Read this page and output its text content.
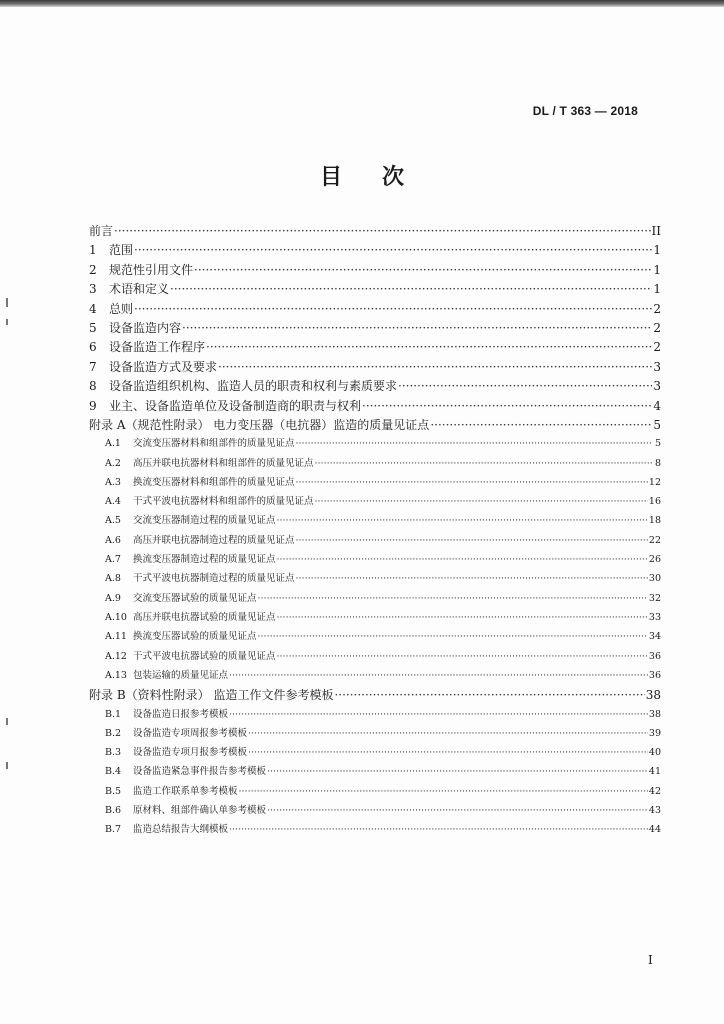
DL / T 363 — 2018
目 次
前言 ·····	II
1	范围 ·····	1
2	规范性引用文件 ·····	1
3	术语和定义 ·····	1
4	总则 ·····	2
5	设备监造内容 ·····	2
6	设备监造工作程序 ·····	2
7	设备监造方式及要求 ·····	3
8	设备监造组织机构、监造人员的职责和权利与素质要求 ·····	3
9	业主、设备监造单位及设备制造商的职责与权利 ·····	4
附录 A（规范性附录） 电力变压器（电抗器）监造的质量见证点 ·····	5
A.1	交流变压器材料和组部件的质量见证点 ·····	5
A.2	高压并联电抗器材料和组部件的质量见证点 ·····	8
A.3	换流变压器材料和组部件的质量见证点 ·····	12
A.4	干式平波电抗器材料和组部件的质量见证点 ·····	16
A.5	交流变压器制造过程的质量见证点 ·····	18
A.6	高压并联电抗器制造过程的质量见证点 ·····	22
A.7	换流变压器制造过程的质量见证点 ·····	26
A.8	干式平波电抗器制造过程的质量见证点 ·····	30
A.9	交流变压器试验的质量见证点 ·····	32
A.10 高压并联电抗器试验的质量见证点 ·····	33
A.11 换流变压器试验的质量见证点 ·····	34
A.12 干式平波电抗器试验的质量见证点 ·····	36
A.13 包装运输的质量见证点 ·····	36
附录 B（资料性附录） 监造工作文件参考模板 ·····	38
B.1	设备监造日报参考模板 ·····	38
B.2	设备监造专项周报参考模板 ·····	39
B.3	设备监造专项月报参考模板 ·····	40
B.4	设备监造紧急事件报告参考模板 ·····	41
B.5	监造工作联系单参考模板 ·····	42
B.6	原材料、组部件确认单参考模板 ·····	43
B.7	监造总结报告大纲模板 ·····	44
I
